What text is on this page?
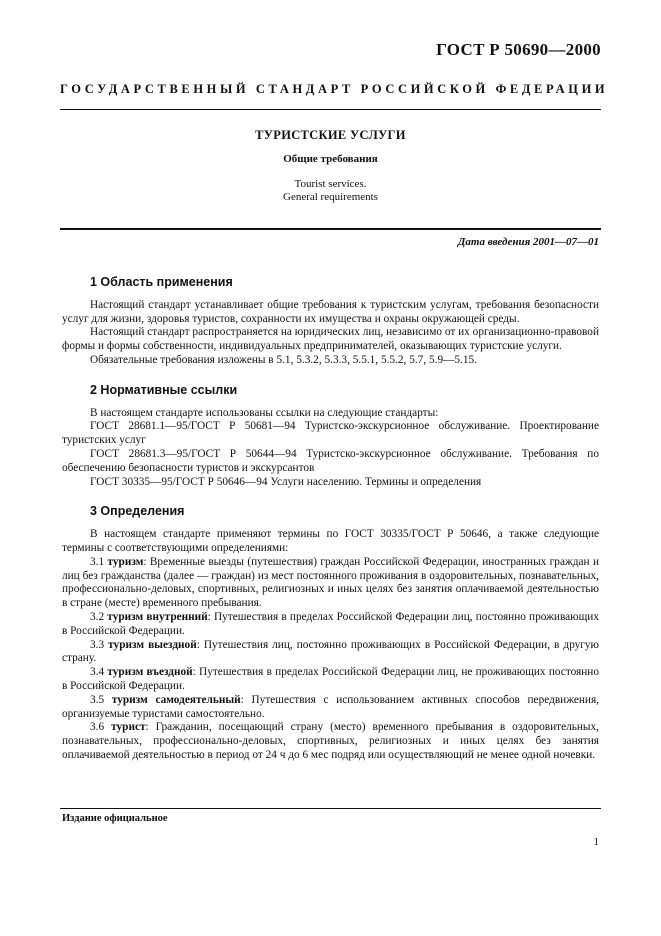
ГОСТ Р 50690—2000
ГОСУДАРСТВЕННЫЙ СТАНДАРТ РОССИЙСКОЙ ФЕДЕРАЦИИ
ТУРИСТСКИЕ УСЛУГИ
Общие требования
Tourist services.
General requirements
Дата введения 2001—07—01
1 Область применения

Настоящий стандарт устанавливает общие требования к туристским услугам, требования безопасности услуг для жизни, здоровья туристов, сохранности их имущества и охраны окружающей среды.

Настоящий стандарт распространяется на юридических лиц, независимо от их организационно-правовой формы и формы собственности, индивидуальных предпринимателей, оказывающих туристские услуги.

Обязательные требования изложены в 5.1, 5.3.2, 5.3.3, 5.5.1, 5.5.2, 5.7, 5.9—5.15.

2 Нормативные ссылки

В настоящем стандарте использованы ссылки на следующие стандарты:

ГОСТ 28681.1—95/ГОСТ Р 50681—94 Туристско-экскурсионное обслуживание. Проектирование туристских услуг

ГОСТ 28681.3—95/ГОСТ Р 50644—94 Туристско-экскурсионное обслуживание. Требования по обеспечению безопасности туристов и экскурсантов

ГОСТ 30335—95/ГОСТ Р 50646—94 Услуги населению. Термины и определения

3 Определения

В настоящем стандарте применяют термины по ГОСТ 30335/ГОСТ Р 50646, а также следующие термины с соответствующими определениями:

3.1 туризм: Временные выезды (путешествия) граждан Российской Федерации, иностранных граждан и лиц без гражданства (далее — граждан) из мест постоянного проживания в оздоровительных, познавательных, профессионально-деловых, спортивных, религиозных и иных целях без занятия оплачиваемой деятельностью в стране (месте) временного пребывания.

3.2 туризм внутренний: Путешествия в пределах Российской Федерации лиц, постоянно проживающих в Российской Федерации.

3.3 туризм выездной: Путешествия лиц, постоянно проживающих в Российской Федерации, в другую страну.

3.4 туризм въездной: Путешествия в пределах Российской Федерации лиц, не проживающих постоянно в Российской Федерации.

3.5 туризм самодеятельный: Путешествия с использованием активных способов передвижения, организуемые туристами самостоятельно.

3.6 турист: Гражданин, посещающий страну (место) временного пребывания в оздоровительных, познавательных, профессионально-деловых, спортивных, религиозных и иных целях без занятия оплачиваемой деятельностью в период от 24 ч до 6 мес подряд или осуществляющий не менее одной ночевки.

Издание официальное
1
